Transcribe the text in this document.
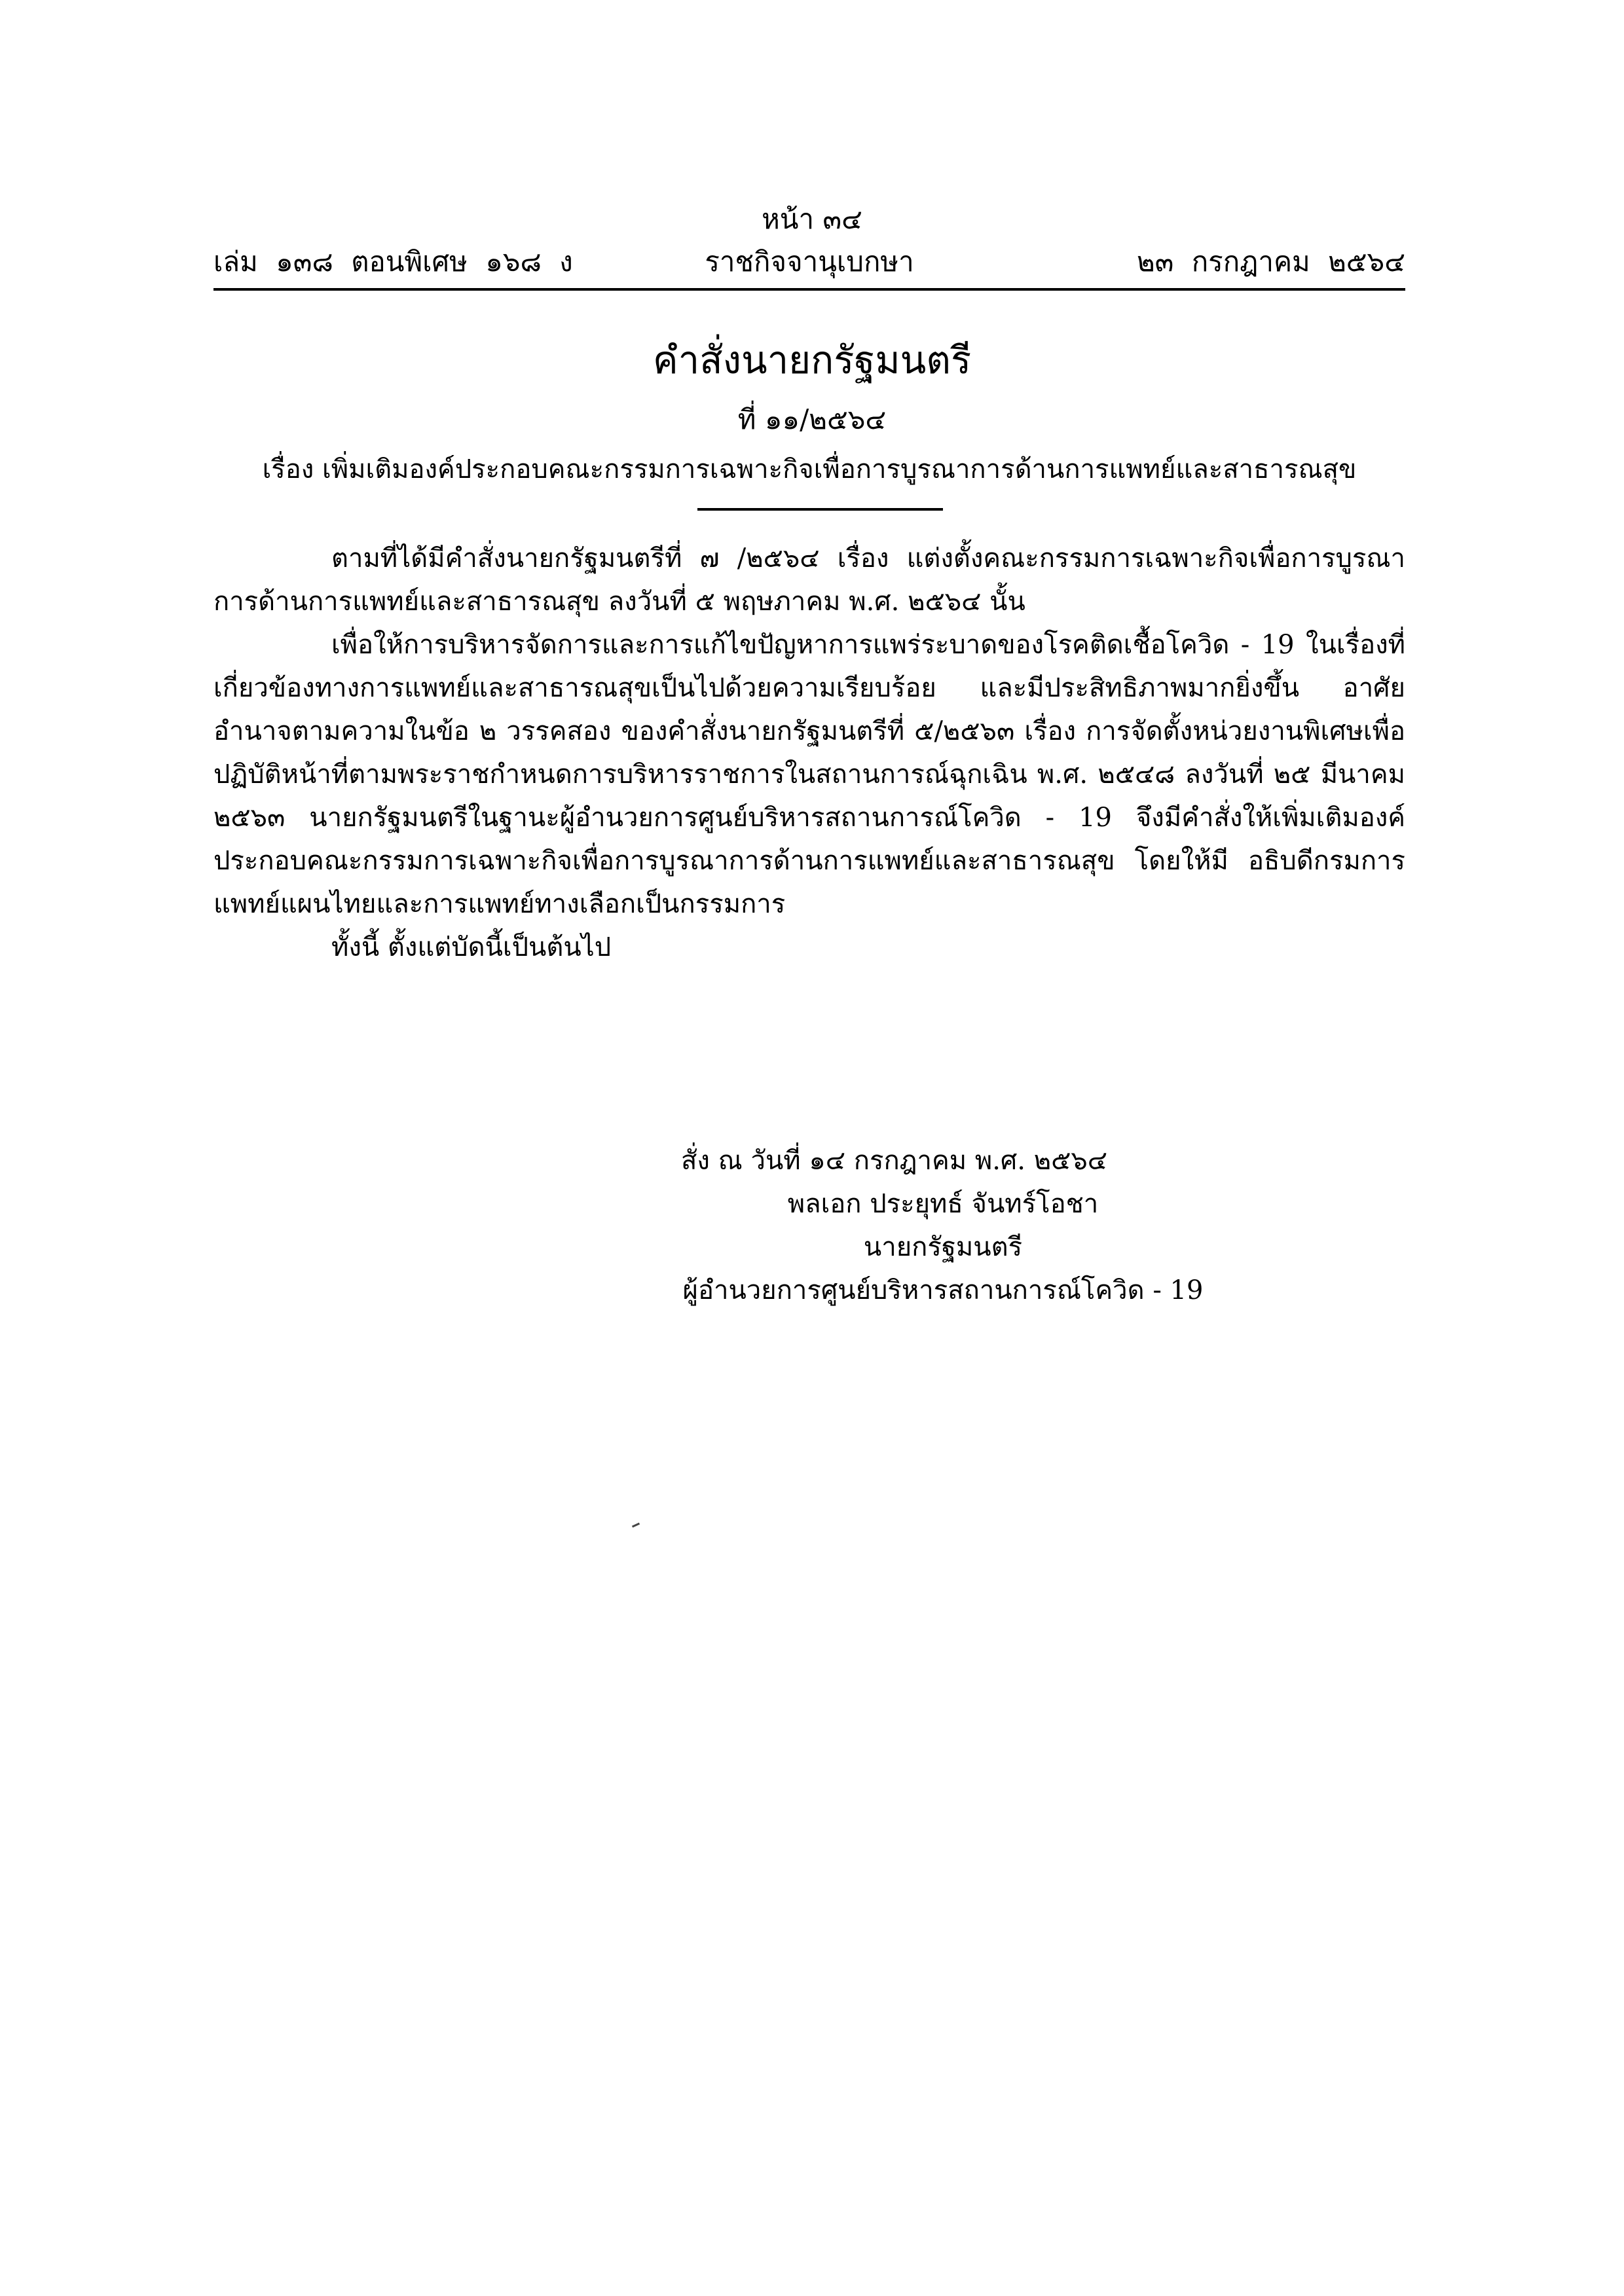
หน้า ๓๔
เล่ม ๑๓๘ ตอนพิเศษ ๑๖๘ ง	ราชกิจจานุเบกษา	๒๓ กรกฎาคม ๒๕๖๔
คำสั่งนายกรัฐมนตรี
ที่ ๑๑/๒๕๖๔
เรื่อง เพิ่มเติมองค์ประกอบคณะกรรมการเฉพาะกิจเพื่อการบูรณาการด้านการแพทย์และสาธารณสุข

ตามที่ได้มีคำสั่งนายกรัฐมนตรีที่ ๗ /๒๕๖๔ เรื่อง แต่งตั้งคณะกรรมการเฉพาะกิจเพื่อการบูรณาการด้านการแพทย์และสาธารณสุข ลงวันที่ ๕ พฤษภาคม พ.ศ. ๒๕๖๔ นั้น

เพื่อให้การบริหารจัดการและการแก้ไขปัญหาการแพร่ระบาดของโรคติดเชื้อโควิด - 19 ในเรื่องที่เกี่ยวข้องทางการแพทย์และสาธารณสุขเป็นไปด้วยความเรียบร้อย และมีประสิทธิภาพมากยิ่งขึ้น อาศัยอำนาจตามความในข้อ ๒ วรรคสอง ของคำสั่งนายกรัฐมนตรีที่ ๕/๒๕๖๓ เรื่อง การจัดตั้งหน่วยงานพิเศษเพื่อปฏิบัติหน้าที่ตามพระราชกำหนดการบริหารราชการในสถานการณ์ฉุกเฉิน พ.ศ. ๒๕๔๘ ลงวันที่ ๒๕ มีนาคม ๒๕๖๓ นายกรัฐมนตรีในฐานะผู้อำนวยการศูนย์บริหารสถานการณ์โควิด - 19 จึงมีคำสั่งให้เพิ่มเติมองค์ประกอบคณะกรรมการเฉพาะกิจเพื่อการบูรณาการด้านการแพทย์และสาธารณสุข โดยให้มี อธิบดีกรมการแพทย์แผนไทยและการแพทย์ทางเลือกเป็นกรรมการ

ทั้งนี้ ตั้งแต่บัดนี้เป็นต้นไป

สั่ง ณ วันที่ ๑๔ กรกฎาคม พ.ศ. ๒๕๖๔
พลเอก ประยุทธ์ จันทร์โอชา
นายกรัฐมนตรี
ผู้อำนวยการศูนย์บริหารสถานการณ์โควิด - 19
